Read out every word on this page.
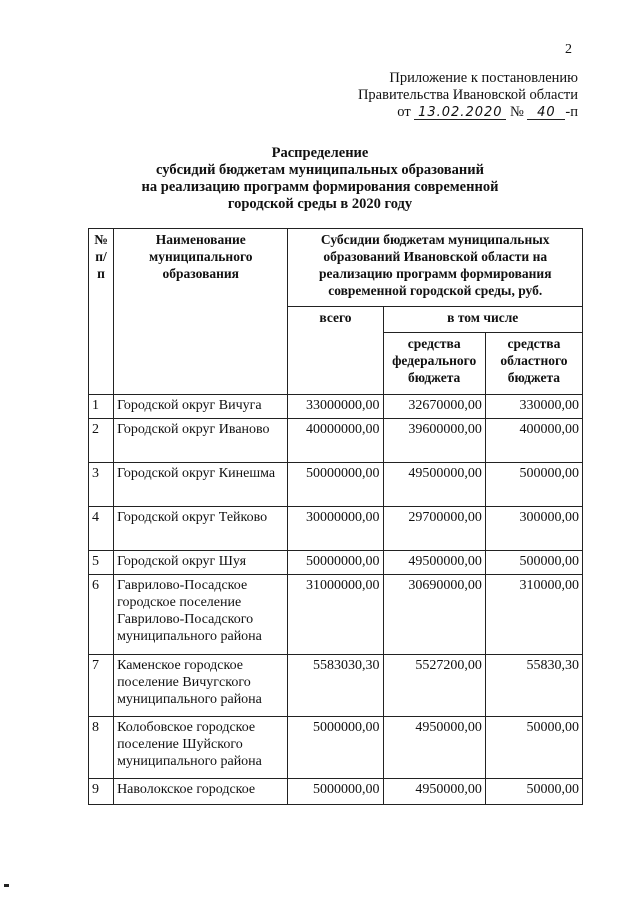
2
Приложение к постановлению
Правительства Ивановской области
от 13.02.2020 № 40 -п
Распределение
субсидий бюджетам муниципальных образований
на реализацию программ формирования современной
городской среды в 2020 году
№ п/п	Наименование муниципального образования	Субсидии бюджетам муниципальных образований Ивановской области на реализацию программ формирования современной городской среды, руб.		
		всего	в том числе	
			средства федерального бюджета	средства областного бюджета
1	Городской округ Вичуга	33000000,00	32670000,00	330000,00
2	Городской округ Иваново	40000000,00	39600000,00	400000,00
3	Городской округ Кинешма	50000000,00	49500000,00	500000,00
4	Городской округ Тейково	30000000,00	29700000,00	300000,00
5	Городской округ Шуя	50000000,00	49500000,00	500000,00
6	Гаврилово-Посадское городское поселение Гаврилово-Посадского муниципального района	31000000,00	30690000,00	310000,00
7	Каменское городское поселение Вичугского муниципального района	5583030,30	5527200,00	55830,30
8	Колобовское городское поселение Шуйского муниципального района	5000000,00	4950000,00	50000,00
9	Наволокское городское	5000000,00	4950000,00	50000,00
